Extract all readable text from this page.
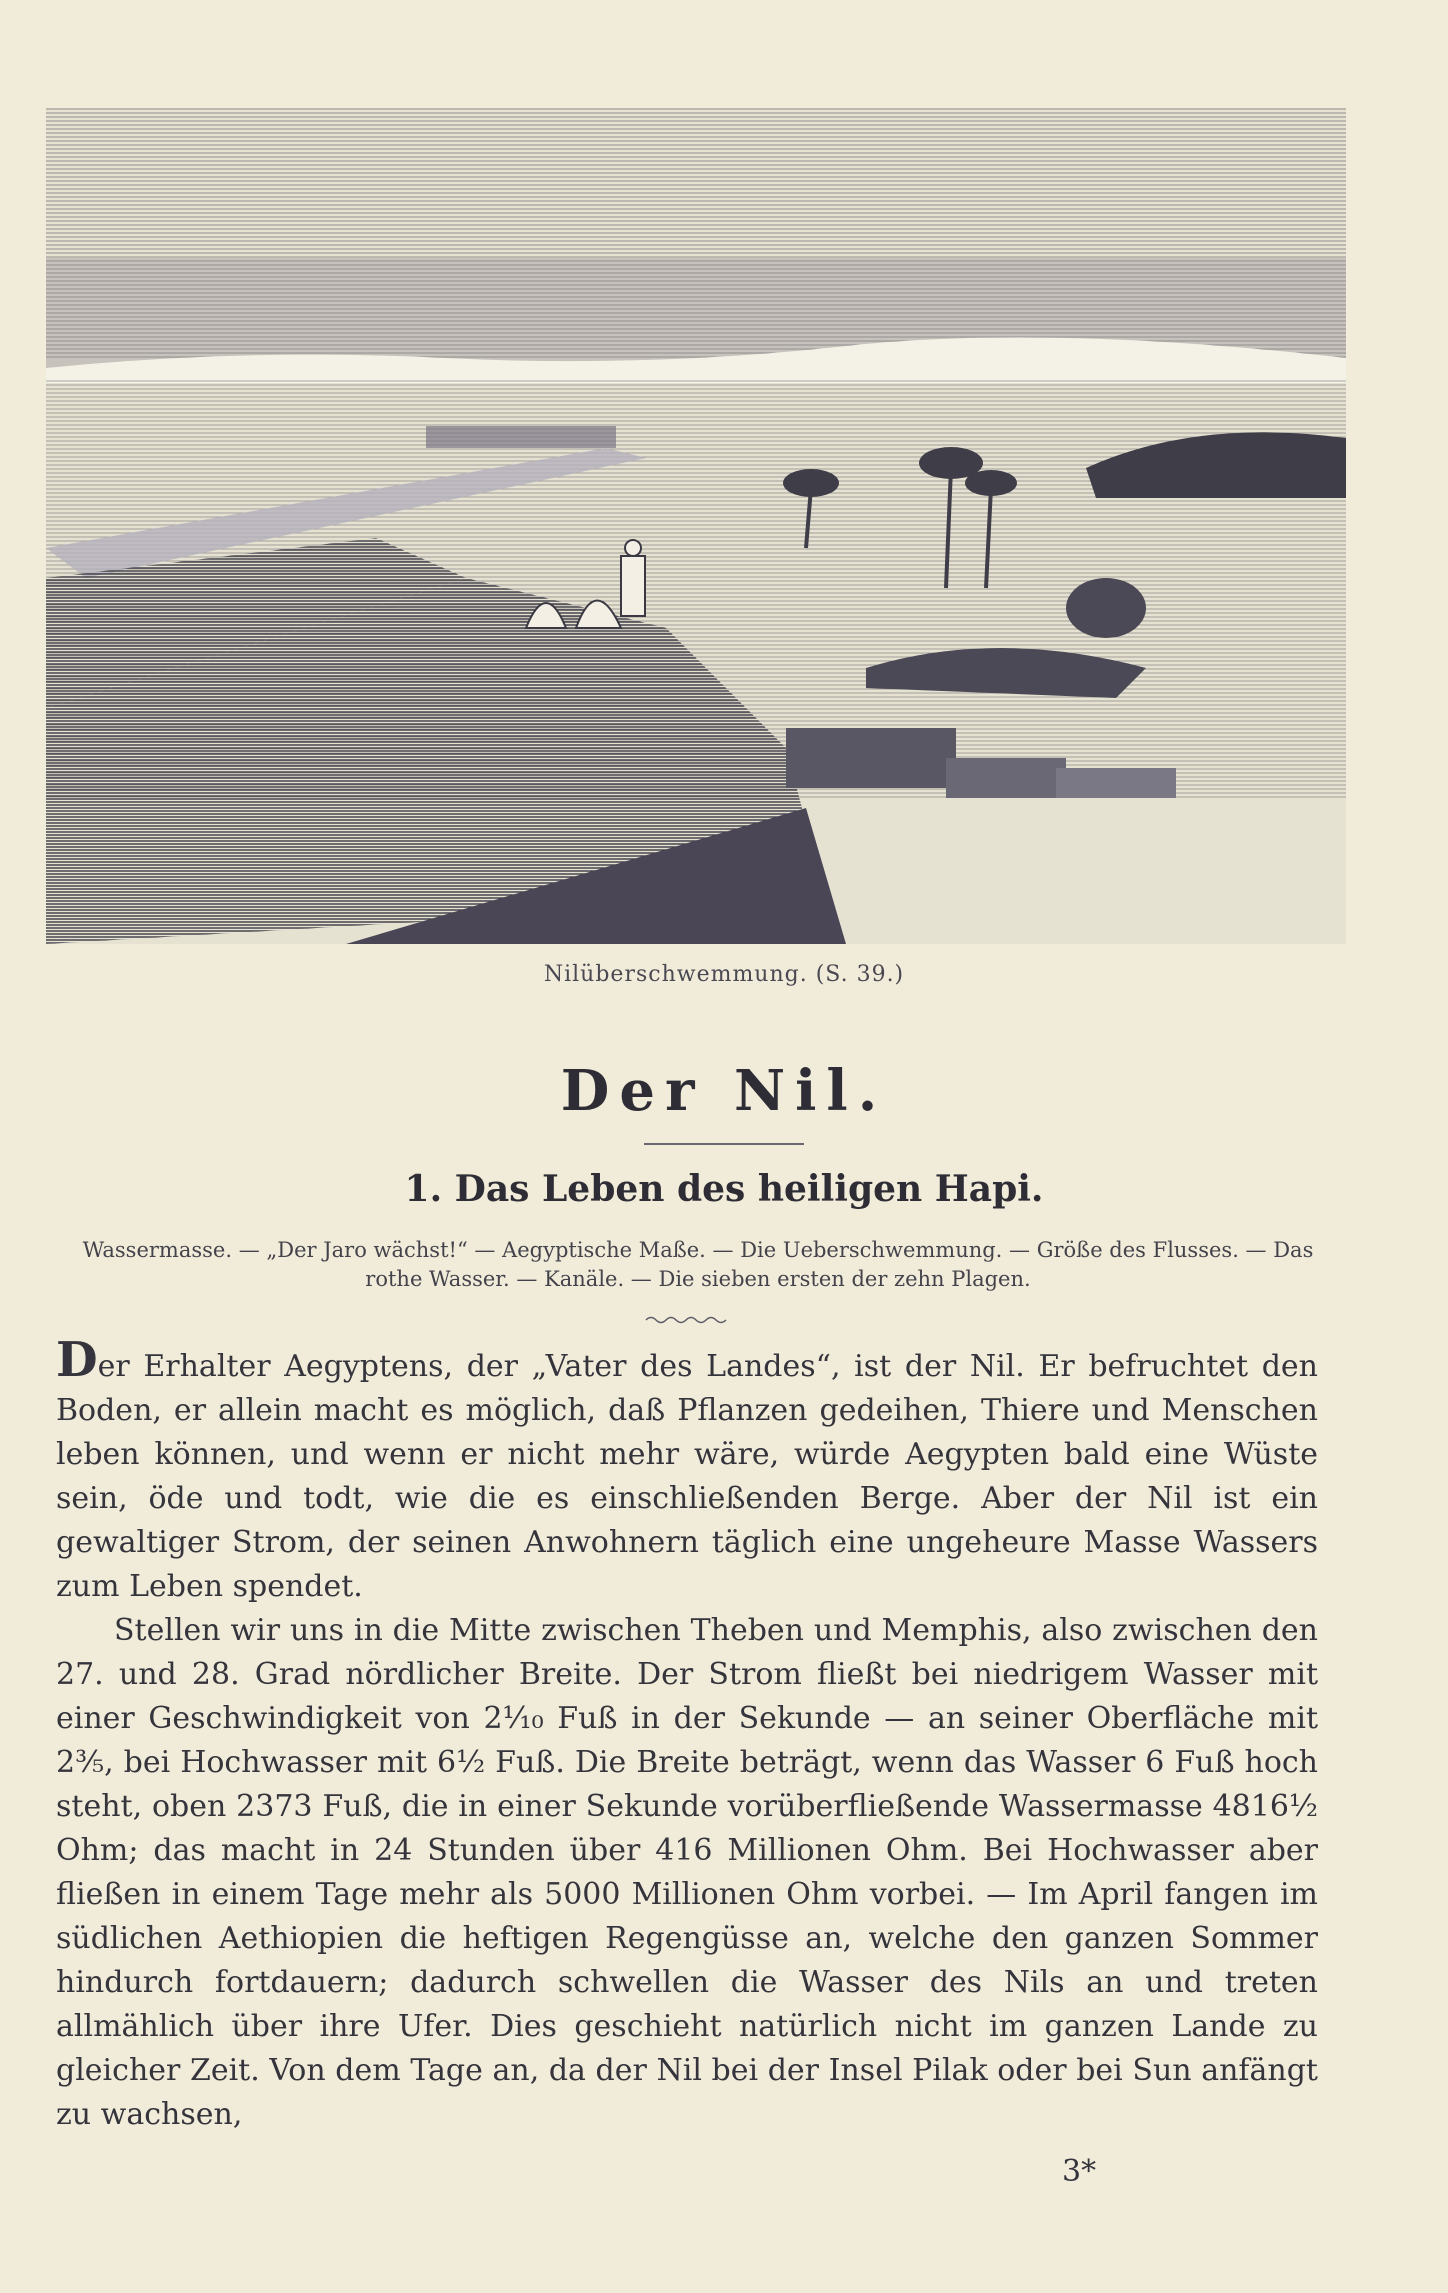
Nilüberschwemmung. (S. 39.)
Der Nil.
1. Das Leben des heiligen Hapi.
Wassermasse. — „Der Jaro wächst!“ — Aegyptische Maße. — Die Ueberschwemmung. — Größe des Flusses. — Das rothe Wasser. — Kanäle. — Die sieben ersten der zehn Plagen.

Der Erhalter Aegyptens, der „Vater des Landes“, ist der Nil. Er befruchtet den Boden, er allein macht es möglich, daß Pflanzen gedeihen, Thiere und Menschen leben können, und wenn er nicht mehr wäre, würde Aegypten bald eine Wüste sein, öde und todt, wie die es einschließenden Berge. Aber der Nil ist ein gewaltiger Strom, der seinen Anwohnern täglich eine ungeheure Masse Wassers zum Leben spendet.

Stellen wir uns in die Mitte zwischen Theben und Memphis, also zwischen den 27. und 28. Grad nördlicher Breite. Der Strom fließt bei niedrigem Wasser mit einer Geschwindigkeit von 2¹⁄₁₀ Fuß in der Sekunde — an seiner Oberfläche mit 2³⁄₅, bei Hochwasser mit 6¹⁄₂ Fuß. Die Breite beträgt, wenn das Wasser 6 Fuß hoch steht, oben 2373 Fuß, die in einer Sekunde vorüberfließende Wassermasse 4816¹⁄₂ Ohm; das macht in 24 Stunden über 416 Millionen Ohm. Bei Hochwasser aber fließen in einem Tage mehr als 5000 Millionen Ohm vorbei. — Im April fangen im südlichen Aethiopien die heftigen Regengüsse an, welche den ganzen Sommer hindurch fortdauern; dadurch schwellen die Wasser des Nils an und treten allmählich über ihre Ufer. Dies geschieht natürlich nicht im ganzen Lande zu gleicher Zeit. Von dem Tage an, da der Nil bei der Insel Pilak oder bei Sun anfängt zu wachsen,

3*
